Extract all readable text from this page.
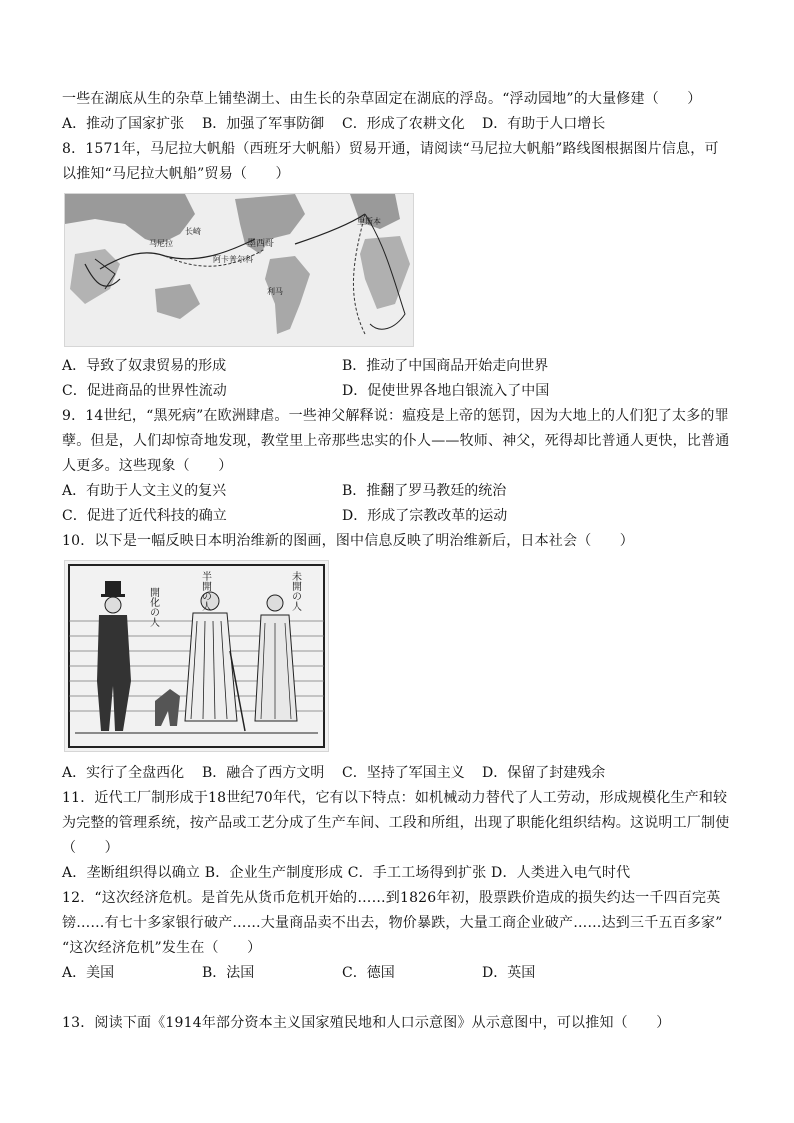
一些在湖底从生的杂草上铺垫湖土、由生长的杂草固定在湖底的浮岛。“浮动园地”的大量修建（　　）
A．推动了国家扩张 B．加强了军事防御 C．形成了农耕文化 D．有助于人口增长
8．1571年，马尼拉大帆船（西班牙大帆船）贸易开通，请阅读“马尼拉大帆船”路线图根据图片信息，可
以推知“马尼拉大帆船”贸易（　　）
长崎
马尼拉	墨西哥
阿卡普尔科
利马
里斯本
A．导致了奴隶贸易的形成	B．推动了中国商品开始走向世界
C．促进商品的世界性流动	D．促使世界各地白银流入了中国
9．14世纪，“黑死病”在欧洲肆虐。一些神父解释说：瘟疫是上帝的惩罚，因为大地上的人们犯了太多的罪
孽。但是，人们却惊奇地发现，教堂里上帝那些忠实的仆人——牧师、神父，死得却比普通人更快，比普通
人更多。这些现象（　　）
A．有助于人文主义的复兴	B．推翻了罗马教廷的统治
C．促进了近代科技的确立	D．形成了宗教改革的运动
10．以下是一幅反映日本明治维新的图画，图中信息反映了明治维新后，日本社会（　　）
開化の人	半開の人	未開の人
A．实行了全盘西化 B．融合了西方文明 C．坚持了军国主义 D．保留了封建残余
11．近代工厂制形成于18世纪70年代，它有以下特点：如机械动力替代了人工劳动，形成规模化生产和较
为完整的管理系统，按产品或工艺分成了生产车间、工段和所组，出现了职能化组织结构。这说明工厂制使
（　　）
A．垄断组织得以确立 B．企业生产制度形成 C．手工工场得到扩张 D．人类进入电气时代
12．“这次经济危机。是首先从货币危机开始的……到1826年初，股票跌价造成的损失约达一千四百完英
镑……有七十多家银行破产……大量商品卖不出去，物价暴跌，大量工商企业破产……达到三千五百多家”
“这次经济危机”发生在（　　）
A．美国	B．法国	C．德国	D．英国
13．阅读下面《1914年部分资本主义国家殖民地和人口示意图》从示意图中，可以推知（　　）
